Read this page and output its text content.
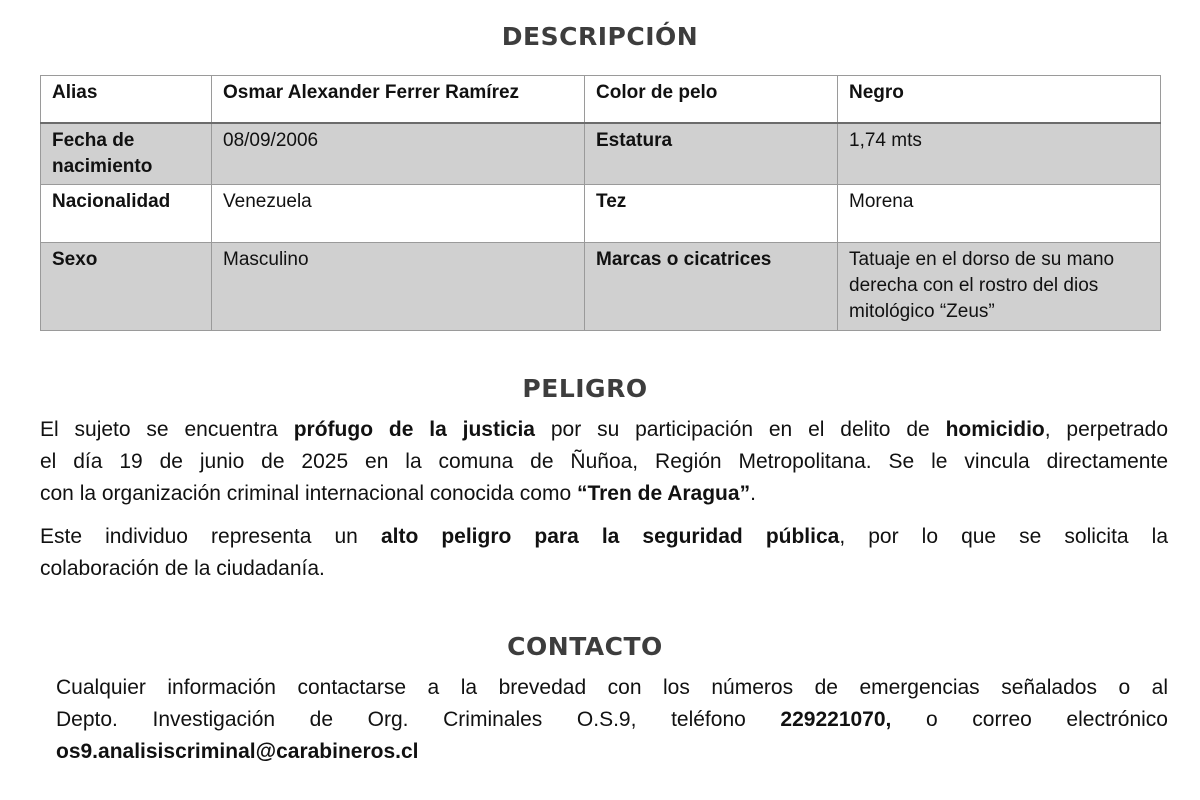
DESCRIPCIÓN
Alias	Osmar Alexander Ferrer Ramírez	Color de pelo	Negro
Fecha de nacimiento	08/09/2006	Estatura	1,74 mts
Nacionalidad	Venezuela	Tez	Morena
Sexo	Masculino	Marcas o cicatrices	Tatuaje en el dorso de su mano derecha con el rostro del dios mitológico “Zeus”
PELIGRO

El sujeto se encuentra prófugo de la justicia por su participación en el delito de homicidio, perpetrado
el día 19 de junio de 2025 en la comuna de Ñuñoa, Región Metropolitana. Se le vincula directamente
con la organización criminal internacional conocida como “Tren de Aragua”.

Este individuo representa un alto peligro para la seguridad pública, por lo que se solicita la
colaboración de la ciudadanía.

CONTACTO

Cualquier información contactarse a la brevedad con los números de emergencias señalados o al
Depto. Investigación de Org. Criminales O.S.9, teléfono 229221070, o correo electrónico
os9.analisiscriminal@carabineros.cl
